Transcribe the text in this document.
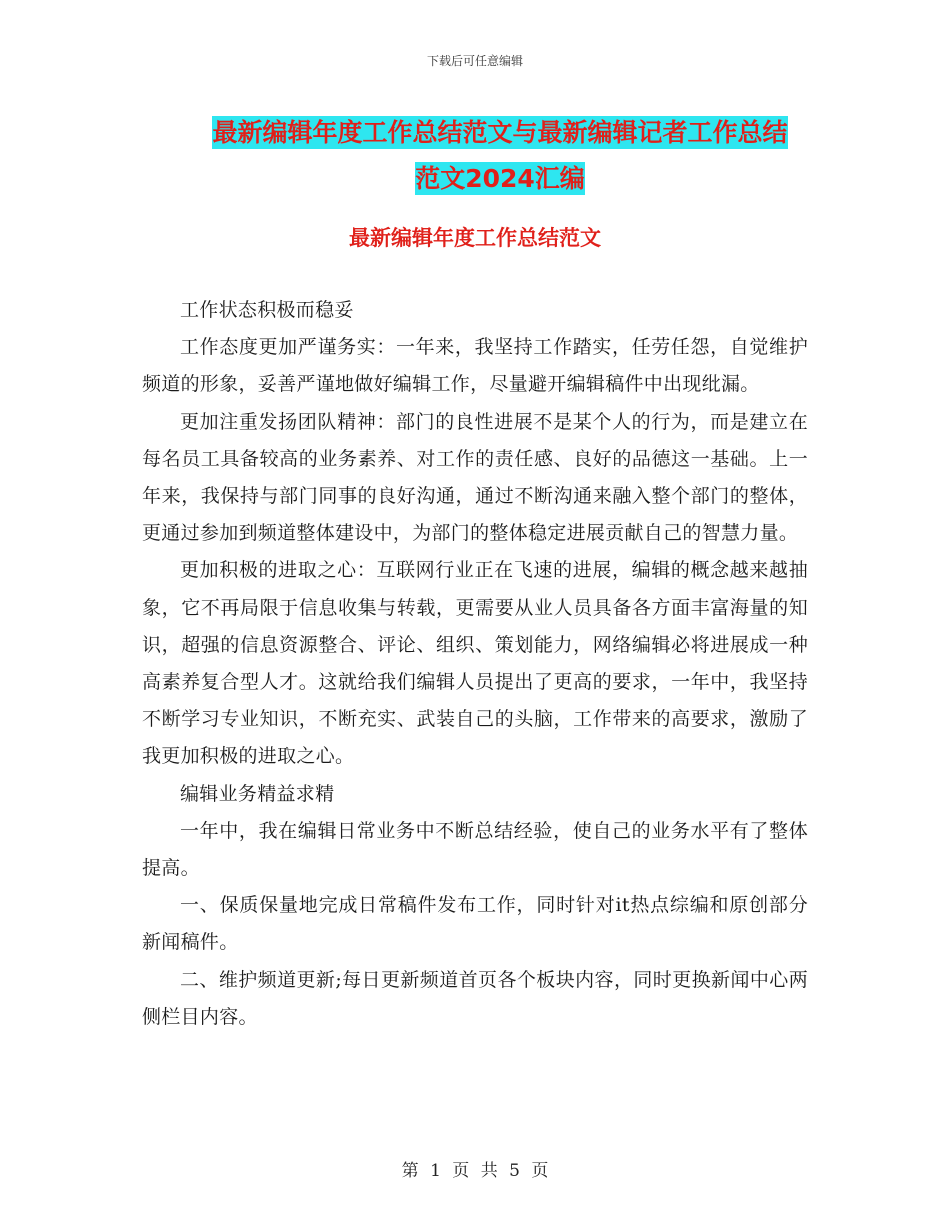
下载后可任意编辑
最新编辑年度工作总结范文与最新编辑记者工作总结
范文2024汇编
最新编辑年度工作总结范文

工作状态积极而稳妥

工作态度更加严谨务实：一年来，我坚持工作踏实，任劳任怨，自觉维护频道的形象，妥善严谨地做好编辑工作，尽量避开编辑稿件中出现纰漏。

更加注重发扬团队精神：部门的良性进展不是某个人的行为，而是建立在每名员工具备较高的业务素养、对工作的责任感、良好的品德这一基础。上一年来，我保持与部门同事的良好沟通，通过不断沟通来融入整个部门的整体，更通过参加到频道整体建设中，为部门的整体稳定进展贡献自己的智慧力量。

更加积极的进取之心：互联网行业正在飞速的进展，编辑的概念越来越抽象，它不再局限于信息收集与转载，更需要从业人员具备各方面丰富海量的知识，超强的信息资源整合、评论、组织、策划能力，网络编辑必将进展成一种高素养复合型人才。这就给我们编辑人员提出了更高的要求，一年中，我坚持不断学习专业知识，不断充实、武装自己的头脑，工作带来的高要求，激励了我更加积极的进取之心。

编辑业务精益求精

一年中，我在编辑日常业务中不断总结经验，使自己的业务水平有了整体提高。

一、保质保量地完成日常稿件发布工作，同时针对it热点综编和原创部分新闻稿件。

二、维护频道更新;每日更新频道首页各个板块内容，同时更换新闻中心两侧栏目内容。

第 1 页 共 5 页
